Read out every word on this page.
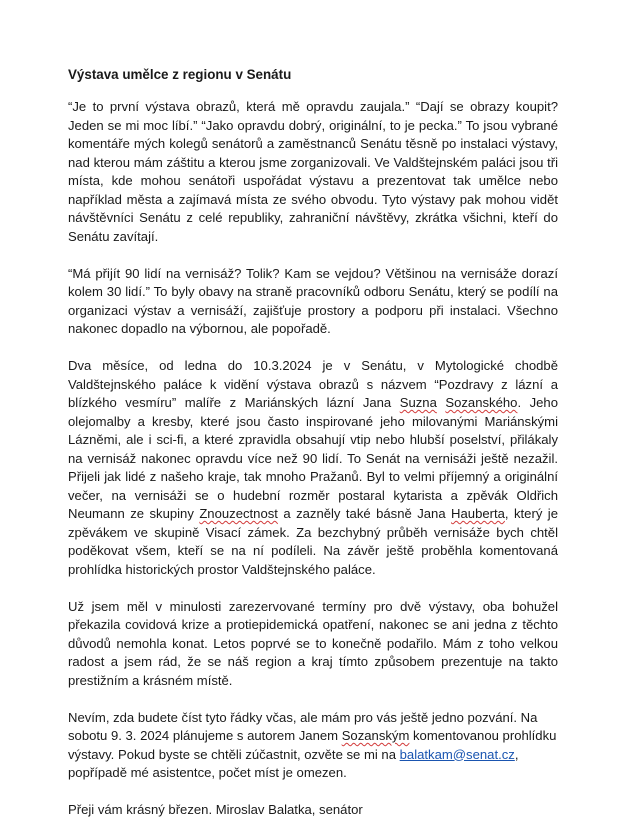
Výstava umělce z regionu v Senátu

“Je to první výstava obrazů, která mě opravdu zaujala.” “Dají se obrazy koupit? Jeden se mi moc líbí.” “Jako opravdu dobrý, originální, to je pecka.” To jsou vybrané komentáře mých kolegů senátorů a zaměstnanců Senátu těsně po instalaci výstavy, nad kterou mám záštitu a kterou jsme zorganizovali. Ve Valdštejnském paláci jsou tři místa, kde mohou senátoři uspořádat výstavu a prezentovat tak umělce nebo například města a zajímavá místa ze svého obvodu. Tyto výstavy pak mohou vidět návštěvníci Senátu z celé republiky, zahraniční návštěvy, zkrátka všichni, kteří do Senátu zavítají.

“Má přijít 90 lidí na vernisáž? Tolik? Kam se vejdou? Většinou na vernisáže dorazí kolem 30 lidí.” To byly obavy na straně pracovníků odboru Senátu, který se podílí na organizaci výstav a vernisáží, zajišťuje prostory a podporu při instalaci. Všechno nakonec dopadlo na výbornou, ale popořadě.

Dva měsíce, od ledna do 10.3.2024 je v Senátu, v Mytologické chodbě Valdštejnského paláce k vidění výstava obrazů s názvem “Pozdravy z lázní a blízkého vesmíru” malíře z Mariánských lázní Jana Suzna Sozanského. Jeho olejomalby a kresby, které jsou často inspirované jeho milovanými Mariánskými Lázněmi, ale i sci-fi, a které zpravidla obsahují vtip nebo hlubší poselství, přilákaly na vernisáž nakonec opravdu více než 90 lidí. To Senát na vernisáži ještě nezažil. Přijeli jak lidé z našeho kraje, tak mnoho Pražanů. Byl to velmi příjemný a originální večer, na vernisáži se o hudební rozměr postaral kytarista a zpěvák Oldřich Neumann ze skupiny Znouzectnost a zazněly také básně Jana Hauberta, který je zpěvákem ve skupině Visací zámek. Za bezchybný průběh vernisáže bych chtěl poděkovat všem, kteří se na ní podíleli. Na závěr ještě proběhla komentovaná prohlídka historických prostor Valdštejnského paláce.

Už jsem měl v minulosti zarezervované termíny pro dvě výstavy, oba bohužel překazila covidová krize a protiepidemická opatření, nakonec se ani jedna z těchto důvodů nemohla konat. Letos poprvé se to konečně podařilo. Mám z toho velkou radost a jsem rád, že se náš region a kraj tímto způsobem prezentuje na takto prestižním a krásném místě.

Nevím, zda budete číst tyto řádky včas, ale mám pro vás ještě jedno pozvání. Na sobotu 9. 3. 2024 plánujeme s autorem Janem Sozanským komentovanou prohlídku výstavy. Pokud byste se chtěli zúčastnit, ozvěte se mi na balatkam@senat.cz, popřípadě mé asistentce, počet míst je omezen.

Přeji vám krásný březen. Miroslav Balatka, senátor
